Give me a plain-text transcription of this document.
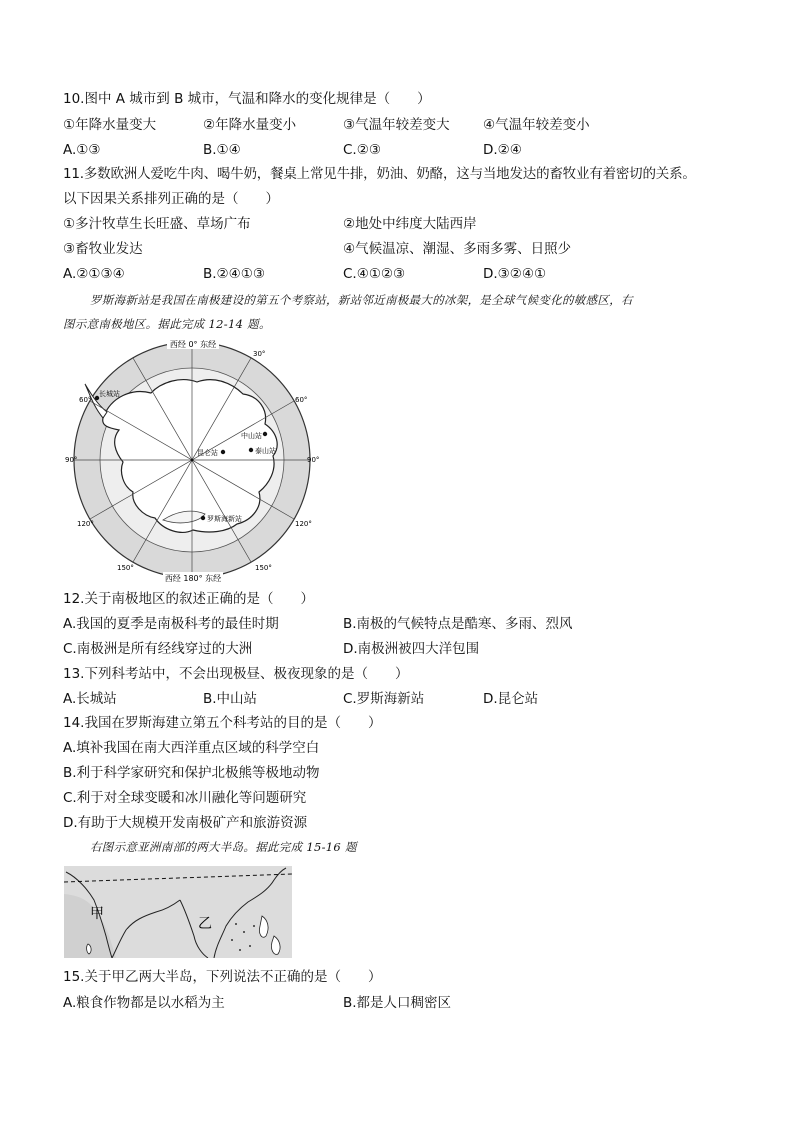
10.图中 A 城市到 B 城市，气温和降水的变化规律是（　　）
①年降水量变大	②年降水量变小	③气温年较差变大 ④气温年较差变小
A.①③	B.①④	C.②③	D.②④
11.多数欧洲人爱吃牛肉、喝牛奶，餐桌上常见牛排，奶油、奶酪，这与当地发达的畜牧业有着密切的关系。
以下因果关系排列正确的是（　　）
①多汁牧草生长旺盛、草场广布	②地处中纬度大陆西岸
③畜牧业发达	④气候温凉、潮湿、多雨多雾、日照少
A.②①③④	B.②④①③	C.④①②③	D.③②④①
罗斯海新站是我国在南极建设的第五个考察站，新站邻近南极最大的冰架，是全球气候变化的敏感区，右
图示意南极地区。据此完成 12-14 题。
西经 0° 东经
西经 180° 东经
90°	90°
30°
60°	60°
120°	120°
150°	150°
长城站
中山站
泰山站
昆仑站
罗斯海新站
12.关于南极地区的叙述正确的是（　　）
A.我国的夏季是南极科考的最佳时期	B.南极的气候特点是酷寒、多雨、烈风
C.南极洲是所有经线穿过的大洲	D.南极洲被四大洋包围
13.下列科考站中，不会出现极昼、极夜现象的是（　　）
A.长城站	B.中山站	C.罗斯海新站	D.昆仑站
14.我国在罗斯海建立第五个科考站的目的是（　　）
A.填补我国在南大西洋重点区域的科学空白
B.利于科学家研究和保护北极熊等极地动物
C.利于对全球变暖和冰川融化等问题研究
D.有助于大规模开发南极矿产和旅游资源
右图示意亚洲南部的两大半岛。据此完成 15-16 题
甲
乙
15.关于甲乙两大半岛，下列说法不正确的是（　　）
A.粮食作物都是以水稻为主	B.都是人口稠密区
